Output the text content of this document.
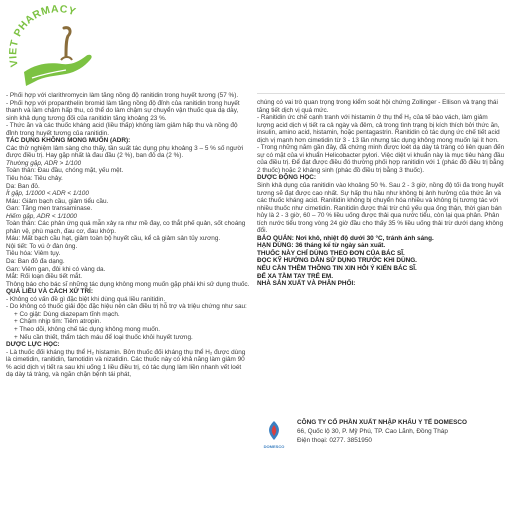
VIET PHARMACY

- Phối hợp với clarithromycin làm tăng nồng độ ranitidin trong huyết tương (57 %).

- Phối hợp với propanthelin bromid làm tăng nồng độ đỉnh của ranitidin trong huyết thanh và làm chậm hấp thu, có thể do làm chậm sự chuyển vận thuốc qua dạ dày, sinh khả dụng tương đối của ranitidin tăng khoảng 23 %.

- Thức ăn và các thuốc kháng acid (liều thấp) không làm giảm hấp thu và nồng độ đỉnh trong huyết tương của ranitidin.

TÁC DỤNG KHÔNG MONG MUỐN (ADR):

Các thử nghiệm lâm sàng cho thấy, tần suất tác dụng phụ khoảng 3 – 5 % số người được điều trị. Hay gặp nhất là đau đầu (2 %), ban đỏ da (2 %).

Thường gặp, ADR > 1/100

Toàn thân: Đau đầu, chóng mặt, yếu mệt.

Tiêu hóa: Tiêu chảy.

Da: Ban đỏ.

Ít gặp, 1/1000 < ADR < 1/100

Máu: Giảm bạch cầu, giảm tiểu cầu.

Gan: Tăng men transaminase.

Hiếm gặp, ADR < 1/1000

Toàn thân: Các phản ứng quá mẫn xảy ra như mề đay, co thắt phế quản, sốt choáng phản vệ, phù mạch, đau cơ, đau khớp.

Máu: Mất bạch cầu hạt, giảm toàn bộ huyết cầu, kể cả giảm sản tủy xương.

Nội tiết: To vú ở đàn ông.

Tiêu hóa: Viêm tụy.

Da: Ban đỏ đa dạng.

Gan: Viêm gan, đôi khi có vàng da.

Mắt: Rối loạn điều tiết mắt.

Thông báo cho bác sĩ những tác dụng không mong muốn gặp phải khi sử dụng thuốc.

QUÁ LIỀU VÀ CÁCH XỬ TRÍ:

- Không có vấn đề gì đặc biệt khi dùng quá liều ranitidin.

- Do không có thuốc giải độc đặc hiệu nên cần điều trị hỗ trợ và triệu chứng như sau:

+ Co giật: Dùng diazepam tĩnh mạch.

+ Chậm nhịp tim: Tiêm atropin.

+ Theo dõi, không chế tác dụng không mong muốn.

+ Nếu cần thiết, thẩm tách máu để loại thuốc khỏi huyết tương.

DƯỢC LỰC HỌC:

- Là thuốc đối kháng thụ thể H₂ histamin. Bởn thuốc đối kháng thụ thể H₂ được dùng là cimetidin, ranitidin, famotidin và nizatidin. Các thuốc này có khả năng làm giảm 90 % acid dịch vị tiết ra sau khi uống 1 liều điều trị, có tác dụng làm liền nhanh vết loét dạ dày tá tràng, và ngăn chặn bệnh tái phát,

chúng có vai trò quan trọng trong kiểm soát hội chứng Zollinger - Ellison và trạng thái tăng tiết dịch vị quá mức.

- Ranitidin ức chế cạnh tranh với histamin ở thụ thể H₂ của tế bào vách, làm giảm lượng acid dịch vị tiết ra cả ngày và đêm, cả trong tình trạng bị kích thích bởi thức ăn, insulin, amino acid, histamin, hoặc pentagastrin. Ranitidin có tác dụng ức chế tiết acid dịch vị mạnh hơn cimetidin từ 3 - 13 lần nhưng tác dụng không mong muốn lại ít hơn.

- Trong những năm gần đây, đã chứng minh được loét dạ dày tá tràng có liên quan đến sự có mặt của vi khuẩn Helicobacter pylori. Việc diệt vi khuẩn này là mục tiêu hàng đầu của điều trị. Để đạt được điều đó thường phối hợp ranitidin với 1 (phác đồ điều trị bằng 2 thuốc) hoặc 2 kháng sinh (phác đồ điều trị bằng 3 thuốc).

DƯỢC ĐỘNG HỌC:

Sinh khả dụng của ranitidin vào khoảng 50 %. Sau 2 - 3 giờ, nồng độ tối đa trong huyết tương sẽ đạt được cao nhất. Sự hấp thu hầu như không bị ảnh hưởng của thức ăn và các thuốc kháng acid. Ranitidin không bị chuyển hóa nhiều và không bị tương tác với nhiều thuốc như cimetidin. Ranitidin được thải trừ chủ yếu qua ống thận, thời gian bán hủy là 2 - 3 giờ, 60 – 70 % liều uống được thải qua nước tiểu, còn lại qua phân. Phân tích nước tiểu trong vòng 24 giờ đầu cho thấy 35 % liều uống thải trừ dưới dạng không đổi.

BẢO QUẢN: Nơi khô, nhiệt độ dưới 30 °C, tránh ánh sáng.

HẠN DÙNG: 36 tháng kể từ ngày sản xuất.

THUỐC NÀY CHỈ DÙNG THEO ĐƠN CỦA BÁC SĨ.

ĐỌC KỸ HƯỚNG DẪN SỬ DỤNG TRƯỚC KHI DÙNG.

NẾU CẦN THÊM THÔNG TIN XIN HỎI Ý KIẾN BÁC SĨ.

ĐỂ XA TẦM TAY TRẺ EM.

NHÀ SẢN XUẤT VÀ PHÂN PHỐI:

DOMESCO
CÔNG TY CỔ PHẦN XUẤT NHẬP KHẨU Y TẾ DOMESCO
66, Quốc lộ 30, P. Mỹ Phú, TP. Cao Lãnh, Đồng Tháp
Điện thoại: 0277. 3851950
